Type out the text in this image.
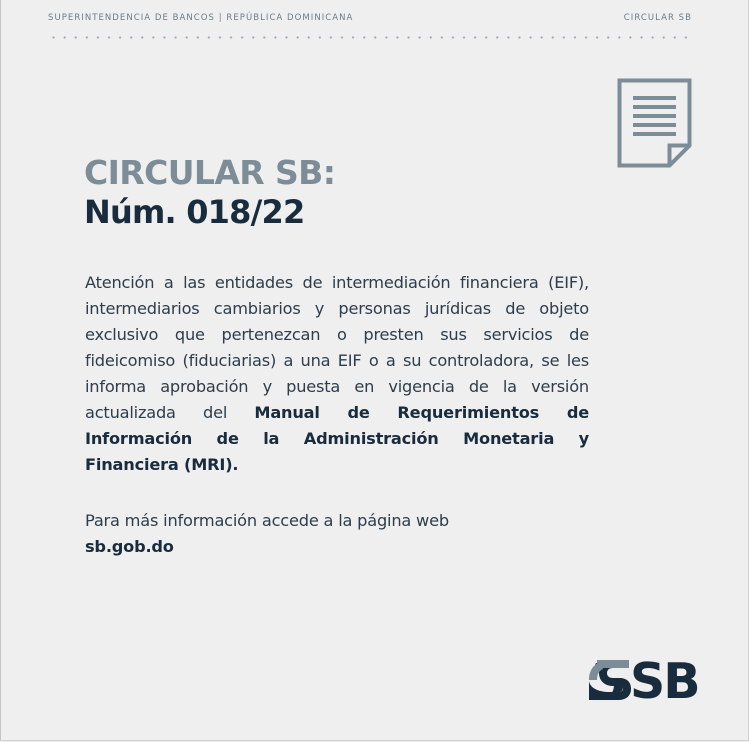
SUPERINTENDENCIA DE BANCOS | REPÚBLICA DOMINICANA	CIRCULAR SB
CIRCULAR SB:
Núm. 018/22

Atención a las entidades de intermediación financiera (EIF), intermediarios cambiarios y personas jurídicas de objeto exclusivo que pertenezcan o presten sus servicios de fideicomiso (fiduciarias) a una EIF o a su controladora, se les informa aprobación y puesta en vigencia de la versión actualizada del Manual de Requerimientos de Información de la Administración Monetaria y Financiera (MRI).

Para más información accede a la página web

sb.gob.do

SB
